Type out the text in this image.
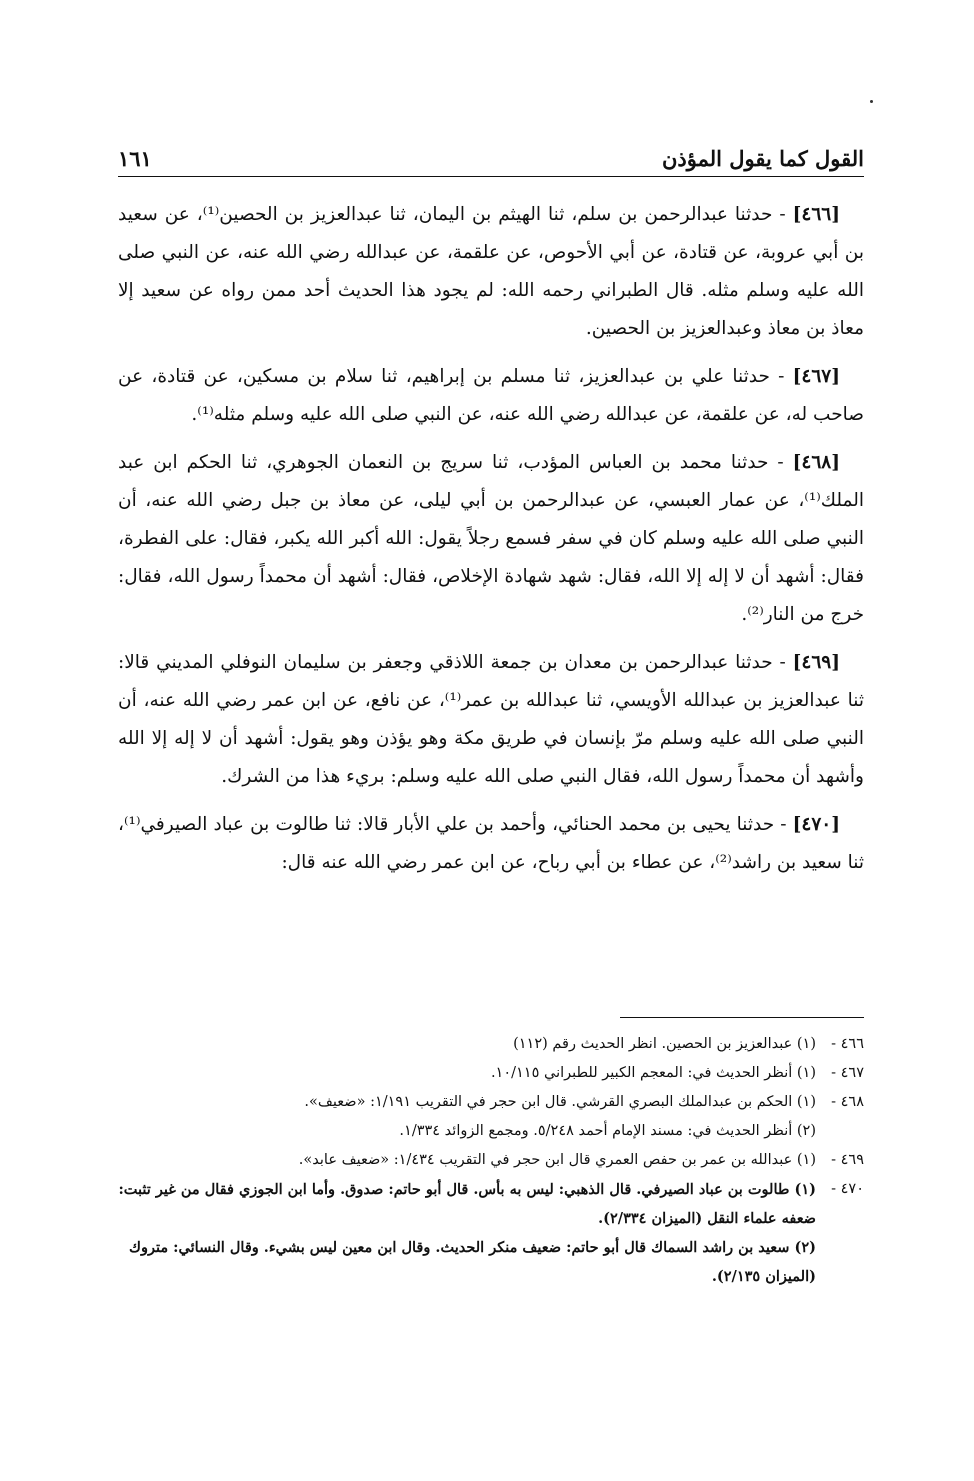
القول كما يقول المؤذن
١٦١

[٤٦٦] - حدثنا عبدالرحمن بن سلم، ثنا الهيثم بن اليمان، ثنا عبدالعزيز بن الحصين⁽¹⁾، عن سعيد بن أبي عروبة، عن قتادة، عن أبي الأحوص، عن علقمة، عن عبدالله رضي الله عنه، عن النبي صلى الله عليه وسلم مثله. قال الطبراني رحمه الله: لم يجود هذا الحديث أحد ممن رواه عن سعيد إلا معاذ بن معاذ وعبدالعزيز بن الحصين.

[٤٦٧] - حدثنا علي بن عبدالعزيز، ثنا مسلم بن إبراهيم، ثنا سلام بن مسكين، عن قتادة، عن صاحب له، عن علقمة، عن عبدالله رضي الله عنه، عن النبي صلى الله عليه وسلم مثله⁽¹⁾.

[٤٦٨] - حدثنا محمد بن العباس المؤدب، ثنا سريج بن النعمان الجوهري، ثنا الحكم ابن عبد الملك⁽¹⁾، عن عمار العبسي، عن عبدالرحمن بن أبي ليلى، عن معاذ بن جبل رضي الله عنه، أن النبي صلى الله عليه وسلم كان في سفر فسمع رجلاً يقول: الله أكبر الله يكبر، فقال: على الفطرة، فقال: أشهد أن لا إله إلا الله، فقال: شهد شهادة الإخلاص، فقال: أشهد أن محمداً رسول الله، فقال: خرج من النار⁽²⁾.

[٤٦٩] - حدثنا عبدالرحمن بن معدان بن جمعة اللاذقي وجعفر بن سليمان النوفلي المديني قالا: ثنا عبدالعزيز بن عبدالله الأويسي، ثنا عبدالله بن عمر⁽¹⁾، عن نافع، عن ابن عمر رضي الله عنه، أن النبي صلى الله عليه وسلم مرّ بإنسان في طريق مكة وهو يؤذن وهو يقول: أشهد أن لا إله إلا الله وأشهد أن محمداً رسول الله، فقال النبي صلى الله عليه وسلم: بريء هذا من الشرك.

[٤٧٠] - حدثنا يحيى بن محمد الحنائي، وأحمد بن علي الأبار قالا: ثنا طالوت بن عباد الصيرفي⁽¹⁾، ثنا سعيد بن راشد⁽²⁾، عن عطاء بن أبي رباح، عن ابن عمر رضي الله عنه قال:

٤٦٦ -
(١) عبدالعزيز بن الحصين. انظر الحديث رقم (١١٢)
٤٦٧ -
(١) أنظر الحديث في: المعجم الكبير للطبراني ١٠/١١٥.
٤٦٨ -
(١) الحكم بن عبدالملك البصري القرشي. قال ابن حجر في التقريب ١/١٩١: «ضعيف».
(٢) أنظر الحديث في: مسند الإمام أحمد ٥/٢٤٨. ومجمع الزوائد ١/٣٣٤.
٤٦٩ -
(١) عبدالله بن عمر بن حفص العمري قال ابن حجر في التقريب ١/٤٣٤: «ضعيف عابد».
٤٧٠ -
(١) طالوت بن عباد الصيرفي. قال الذهبي: ليس به بأس. قال أبو حاتم: صدوق. وأما ابن الجوزي فقال من غير تثبت: ضعفه علماء النقل (الميزان ٢/٣٣٤).
(٢) سعيد بن راشد السماك قال أبو حاتم: ضعيف منكر الحديث. وقال ابن معين ليس بشيء. وقال النسائي: متروك (الميزان ٢/١٣٥).
